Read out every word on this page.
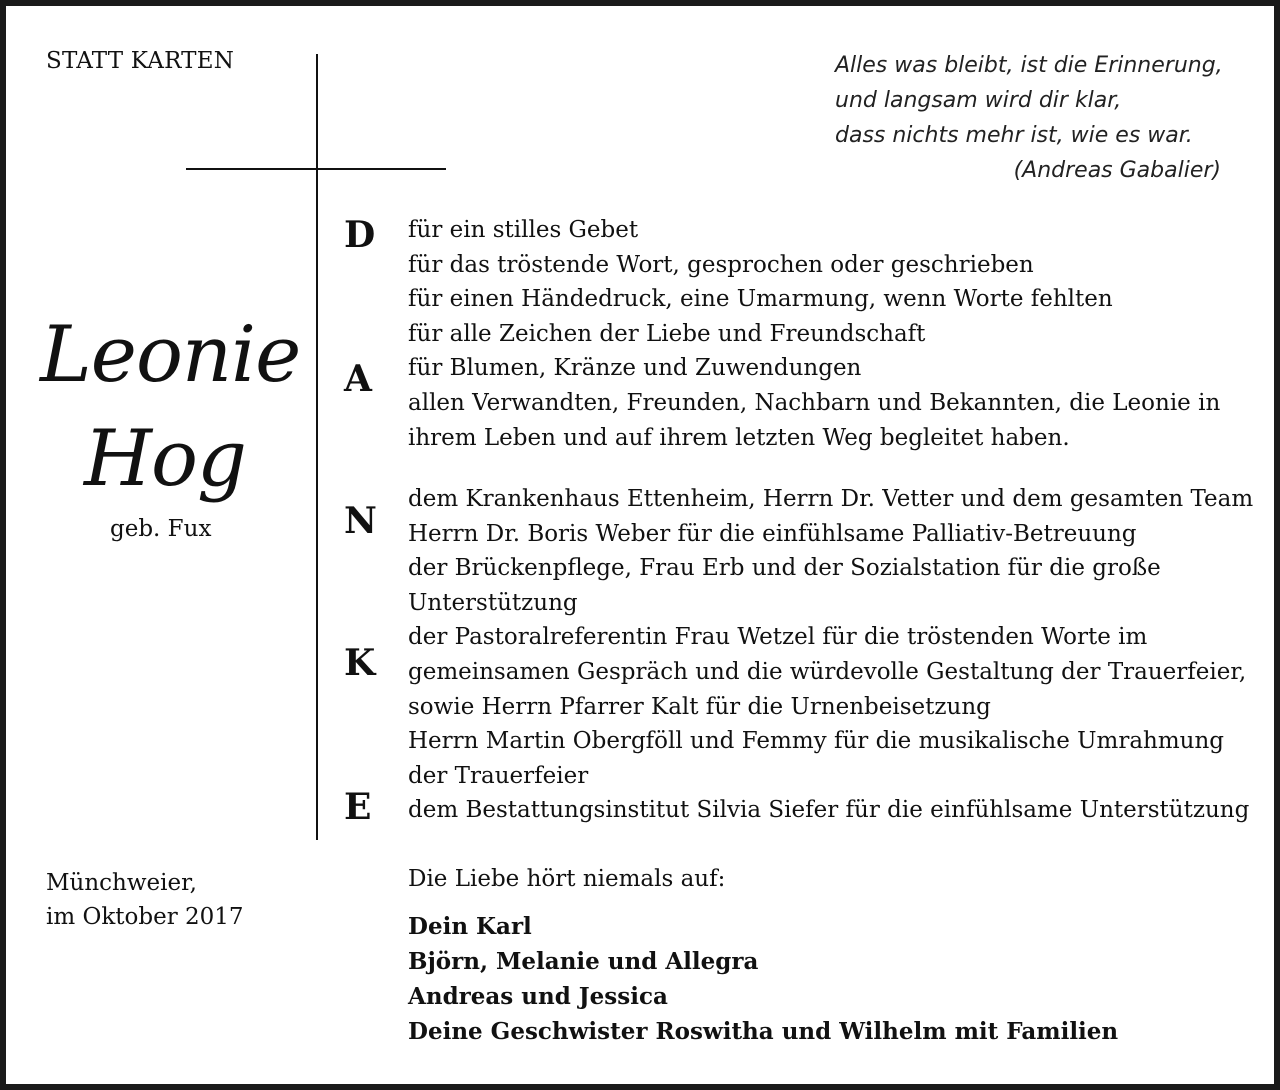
STATT KARTEN	Alles was bleibt, ist die Erinnerung,
und langsam wird dir klar,
dass nichts mehr ist, wie es war.
(Andreas Gabalier)
Leonie
Hog
geb. Fux
D
A
N
K
E
für ein stilles Gebet
für das tröstende Wort, gesprochen oder geschrieben
für einen Händedruck, eine Umarmung, wenn Worte fehlten
für alle Zeichen der Liebe und Freundschaft
für Blumen, Kränze und Zuwendungen
allen Verwandten, Freunden, Nachbarn und Bekannten, die Leonie in
ihrem Leben und auf ihrem letzten Weg begleitet haben.
dem Krankenhaus Ettenheim, Herrn Dr. Vetter und dem gesamten Team
Herrn Dr. Boris Weber für die einfühlsame Palliativ-Betreuung
der Brückenpflege, Frau Erb und der Sozialstation für die große
Unterstützung
der Pastoralreferentin Frau Wetzel für die tröstenden Worte im
gemeinsamen Gespräch und die würdevolle Gestaltung der Trauerfeier,
sowie Herrn Pfarrer Kalt für die Urnenbeisetzung
Herrn Martin Obergföll und Femmy für die musikalische Umrahmung
der Trauerfeier
dem Bestattungsinstitut Silvia Siefer für die einfühlsame Unterstützung
Münchweier,
im Oktober 2017
Die Liebe hört niemals auf:
Dein Karl
Björn, Melanie und Allegra
Andreas und Jessica
Deine Geschwister Roswitha und Wilhelm mit Familien
